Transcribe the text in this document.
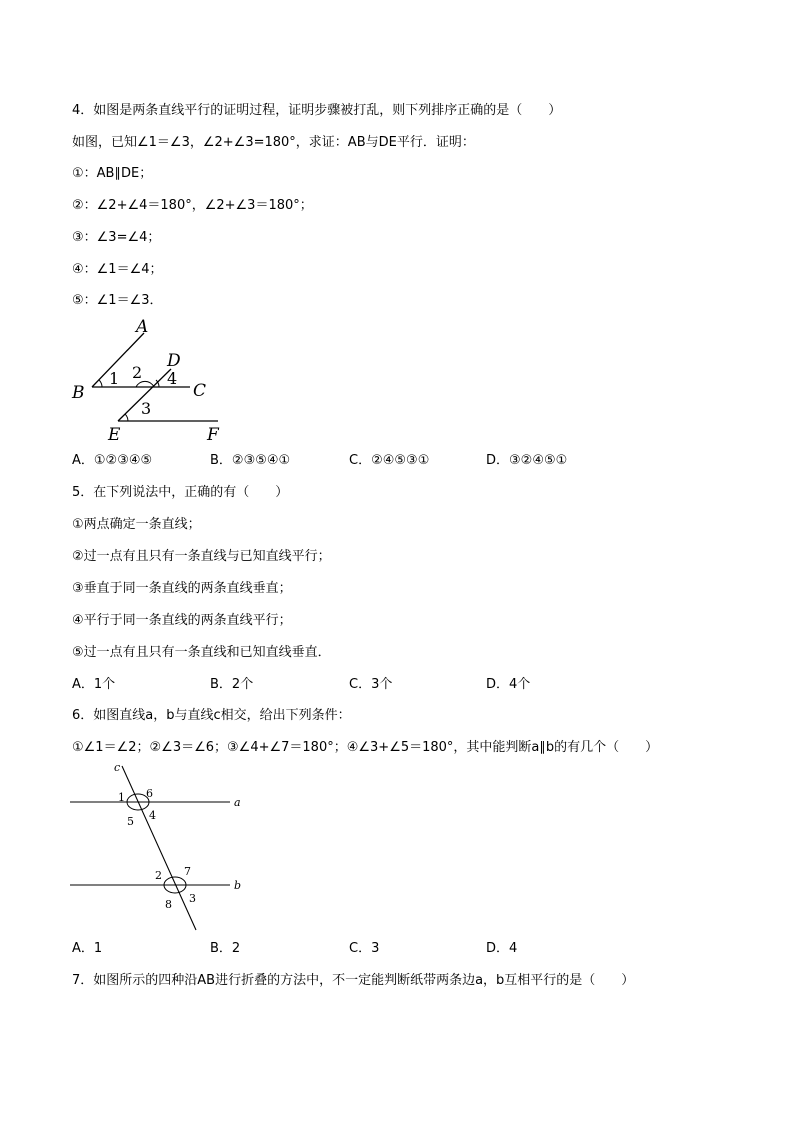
4．如图是两条直线平行的证明过程，证明步骤被打乱，则下列排序正确的是（　　）
如图，已知∠1＝∠3，∠2+∠3=180°，求证：AB与DE平行．证明：
①：AB∥DE；
②：∠2+∠4＝180°，∠2+∠3＝180°；
③：∠3=∠4；
④：∠1＝∠4；
⑤：∠1＝∠3．
A
B	C
D
E	F
1 2
3
4
A．①②③④⑤	B．②③⑤④①	C．②④⑤③①	D．③②④⑤①
5．在下列说法中，正确的有（　　）
①两点确定一条直线；
②过一点有且只有一条直线与已知直线平行；
③垂直于同一条直线的两条直线垂直；
④平行于同一条直线的两条直线平行；
⑤过一点有且只有一条直线和已知直线垂直．
A．1个	B．2个	C．3个	D．4个
6．如图直线a，b与直线c相交，给出下列条件：
①∠1＝∠2；②∠3＝∠6；③∠4+∠7＝180°；④∠3+∠5＝180°，其中能判断a∥b的有几个（　　）
c
a
b
1 6
5 4
2 7
8 3
A．1	B．2	C．3	D．4
7．如图所示的四种沿AB进行折叠的方法中，不一定能判断纸带两条边a，b互相平行的是（　　）
